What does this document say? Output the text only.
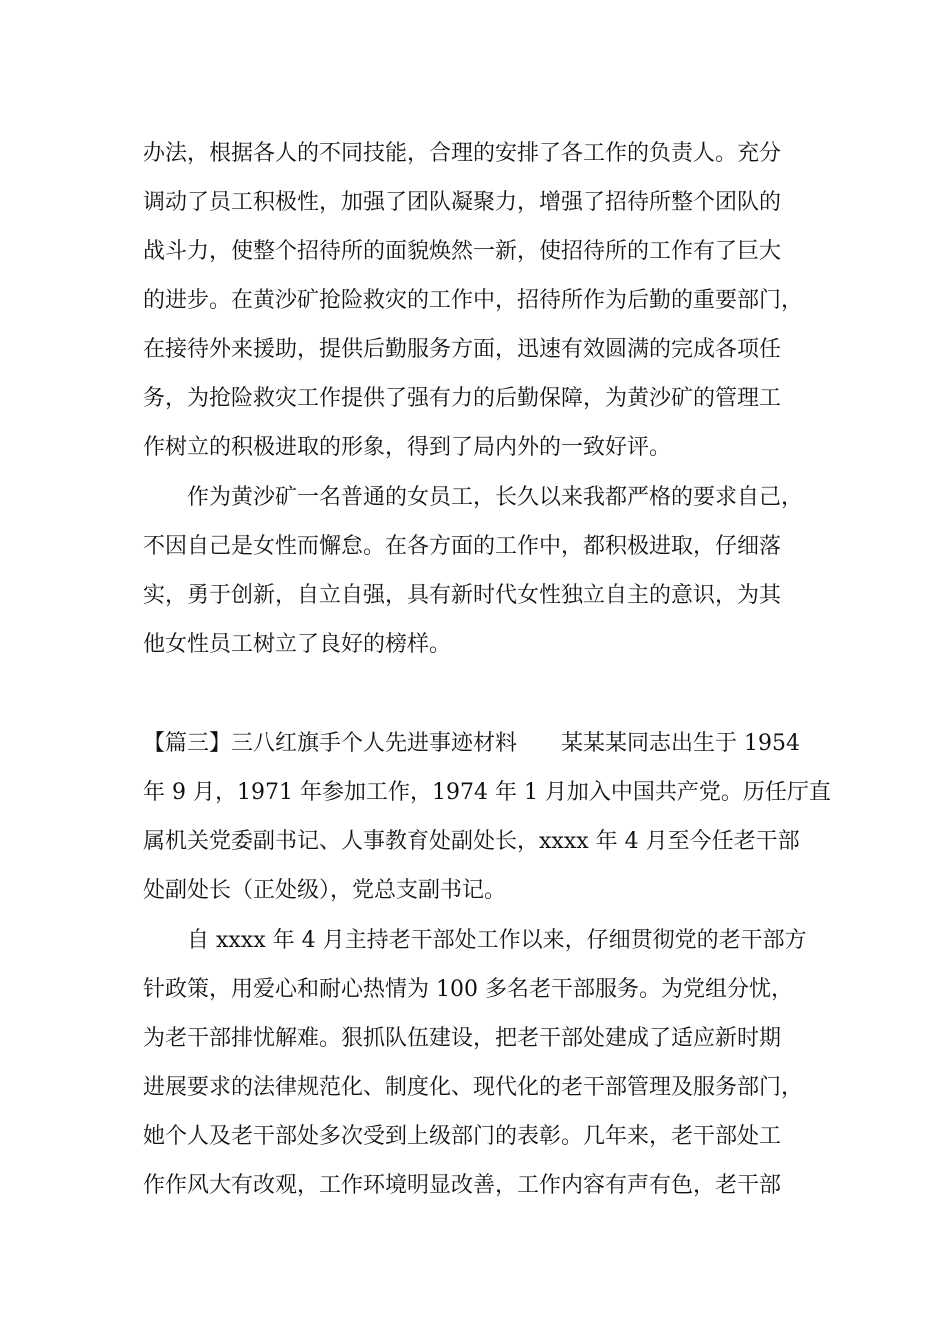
办法，根据各人的不同技能，合理的安排了各工作的负责人。充分
调动了员工积极性，加强了团队凝聚力，增强了招待所整个团队的
战斗力，使整个招待所的面貌焕然一新，使招待所的工作有了巨大
的进步。在黄沙矿抢险救灾的工作中，招待所作为后勤的重要部门，
在接待外来援助，提供后勤服务方面，迅速有效圆满的完成各项任
务，为抢险救灾工作提供了强有力的后勤保障，为黄沙矿的管理工
作树立的积极进取的形象，得到了局内外的一致好评。
作为黄沙矿一名普通的女员工，长久以来我都严格的要求自己，
不因自己是女性而懈怠。在各方面的工作中，都积极进取，仔细落
实，勇于创新，自立自强，具有新时代女性独立自主的意识，为其
他女性员工树立了良好的榜样。
【篇三】三八红旗手个人先进事迹材料　　某某某同志出生于 1954
年 9 月，1971 年参加工作，1974 年 1 月加入中国共产党。历任厅直
属机关党委副书记、人事教育处副处长，xxxx 年 4 月至今任老干部
处副处长（正处级），党总支副书记。
自 xxxx 年 4 月主持老干部处工作以来，仔细贯彻党的老干部方
针政策，用爱心和耐心热情为 100 多名老干部服务。为党组分忧，
为老干部排忧解难。狠抓队伍建设，把老干部处建成了适应新时期
进展要求的法律规范化、制度化、现代化的老干部管理及服务部门，
她个人及老干部处多次受到上级部门的表彰。几年来，老干部处工
作作风大有改观，工作环境明显改善，工作内容有声有色，老干部
